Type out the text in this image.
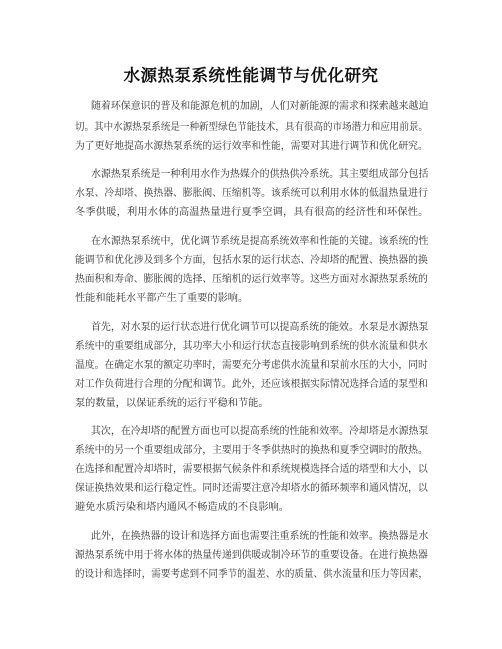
水源热泵系统性能调节与优化研究
随着环保意识的普及和能源危机的加剧，人们对新能源的需求和探索越来越迫
切。其中水源热泵系统是一种新型绿色节能技术，具有很高的市场潜力和应用前景。
为了更好地提高水源热泵系统的运行效率和性能，需要对其进行调节和优化研究。
水源热泵系统是一种利用水作为热媒介的供热供冷系统。其主要组成部分包括
水泵、冷却塔、换热器、膨胀阀、压缩机等。该系统可以利用水体的低温热量进行
冬季供暖，利用水体的高温热量进行夏季空调，具有很高的经济性和环保性。
在水源热泵系统中，优化调节系统是提高系统效率和性能的关键。该系统的性
能调节和优化涉及到多个方面，包括水泵的运行状态、冷却塔的配置、换热器的换
热面积和寿命、膨胀阀的选择、压缩机的运行效率等。这些方面对水源热泵系统的
性能和能耗水平都产生了重要的影响。
首先，对水泵的运行状态进行优化调节可以提高系统的能效。水泵是水源热泵
系统中的重要组成部分，其功率大小和运行状态直接影响到系统的供水流量和供水
温度。在确定水泵的额定功率时，需要充分考虑供水流量和泵前水压的大小，同时
对工作负荷进行合理的分配和调节。此外，还应该根据实际情况选择合适的泵型和
泵的数量，以保证系统的运行平稳和节能。
其次，在冷却塔的配置方面也可以提高系统的性能和效率。冷却塔是水源热泵
系统中的另一个重要组成部分，主要用于冬季供热时的换热和夏季空调时的散热。
在选择和配置冷却塔时，需要根据气候条件和系统规模选择合适的塔型和大小，以
保证换热效果和运行稳定性。同时还需要注意冷却塔水的循环频率和通风情况，以
避免水质污染和塔内通风不畅造成的不良影响。
此外，在换热器的设计和选择方面也需要注重系统的性能和效率。换热器是水
源热泵系统中用于将水体的热量传递到供暖或制冷环节的重要设备。在进行换热器
的设计和选择时，需要考虑到不同季节的温差、水的质量、供水流量和压力等因素，
